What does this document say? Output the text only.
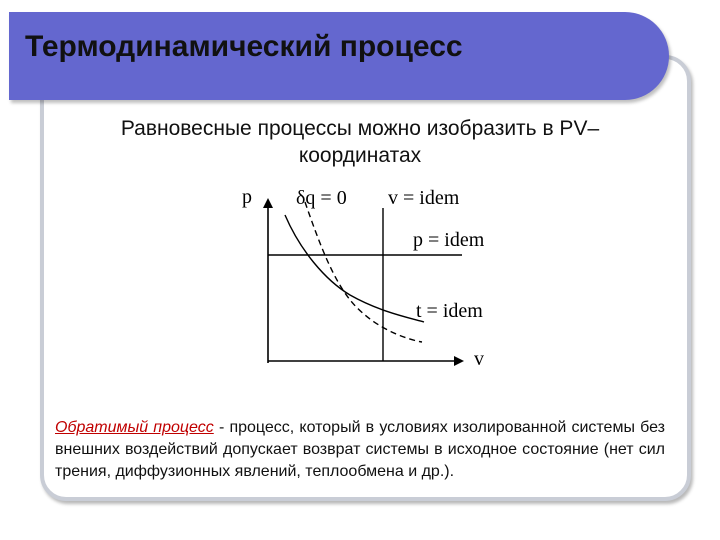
Термодинамический процесс
Равновесные процессы можно изобразить в PV–
координатах
p
v
δq = 0 v = idem
p = idem
t = idem

Обратимый процесс - процесс, который в условиях изолированной системы без внешних воздействий допускает возврат системы в исходное состояние (нет сил трения, диффузионных явлений, теплообмена и др.).
